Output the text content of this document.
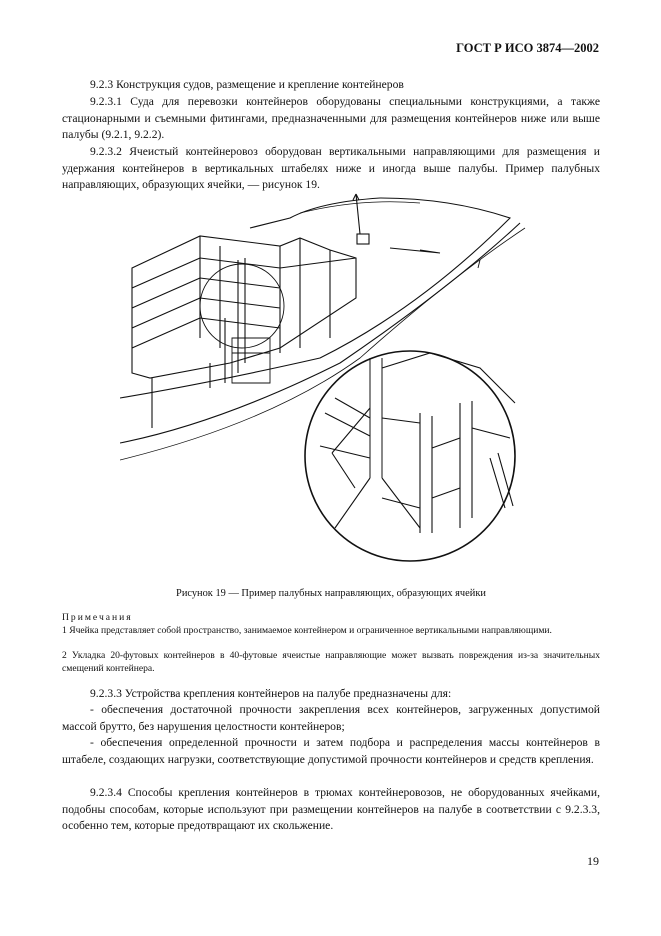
ГОСТ Р ИСО 3874—2002
9.2.3 Конструкция судов, размещение и крепление контейнеров
9.2.3.1 Суда для перевозки контейнеров оборудованы специальными конструкциями, а также стационарными и съемными фитингами, предназначенными для размещения контейнеров ниже или выше палубы (9.2.1, 9.2.2).
9.2.3.2 Ячеистый контейнеровоз оборудован вертикальными направляющими для размещения и удержания контейнеров в вертикальных штабелях ниже и иногда выше палубы. Пример палубных направляющих, образующих ячейки, — рисунок 19.
Рисунок 19 — Пример палубных направляющих, образующих ячейки
Примечания
1 Ячейка представляет собой пространство, занимаемое контейнером и ограниченное вертикальными направляющими.
2 Укладка 20-футовых контейнеров в 40-футовые ячеистые направляющие может вызвать повреждения из-за значительных смещений контейнера.
9.2.3.3 Устройства крепления контейнеров на палубе предназначены для:
- обеспечения достаточной прочности закрепления всех контейнеров, загруженных допустимой массой брутто, без нарушения целостности контейнеров;
- обеспечения определенной прочности и затем подбора и распределения массы контейнеров в штабеле, создающих нагрузки, соответствующие допустимой прочности контейнеров и средств крепления.
9.2.3.4 Способы крепления контейнеров в трюмах контейнеровозов, не оборудованных ячейками, подобны способам, которые используют при размещении контейнеров на палубе в соответствии с 9.2.3.3, особенно тем, которые предотвращают их скольжение.
19
